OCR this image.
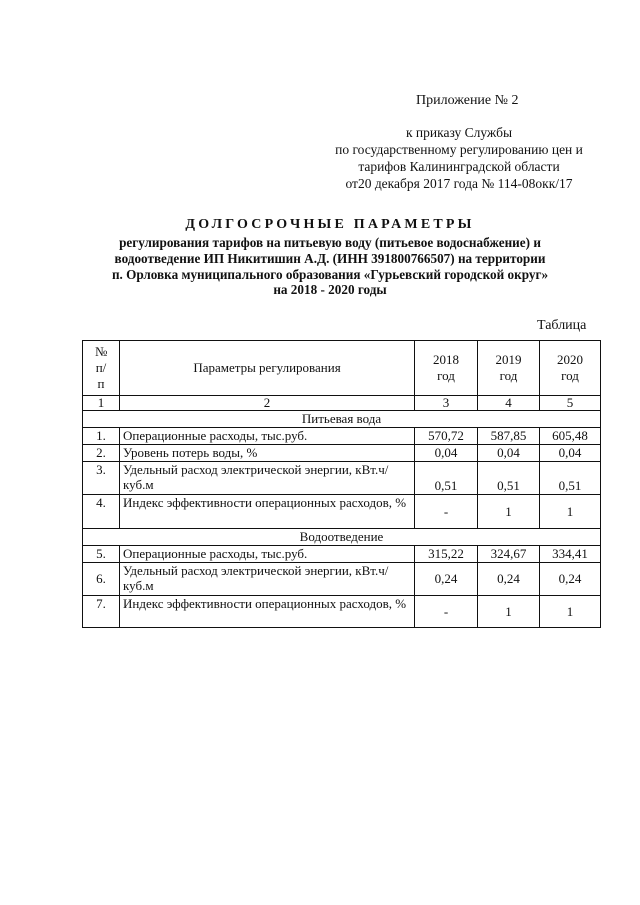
Приложение № 2
к приказу Службы
по государственному регулированию цен и
тарифов Калининградской области
от20 декабря 2017 года № 114-08окк/17
ДОЛГОСРОЧНЫЕ ПАРАМЕТРЫ
регулирования тарифов на питьевую воду (питьевое водоснабжение) и
водоотведение ИП Никитишин А.Д. (ИНН 391800766507) на территории
п. Орловка муниципального образования «Гурьевский городской округ»
на 2018 - 2020 годы
Таблица
№ п/ п	Параметры регулирования	2018 год	2019 год	2020 год
1	2	3	4	5
Питьевая вода				
1.	Операционные расходы, тыс.руб.	570,72	587,85	605,48
2.	Уровень потерь воды, %	0,04	0,04	0,04
3.	Удельный расход электрической энергии, кВт.ч/куб.м	0,51	0,51	0,51
4.	Индекс эффективности операционных расходов, %	-	1	1
Водоотведение				
5.	Операционные расходы, тыс.руб.	315,22	324,67	334,41
6.	Удельный расход электрической энергии, кВт.ч/куб.м	0,24	0,24	0,24
7.	Индекс эффективности операционных расходов, %	-	1	1
